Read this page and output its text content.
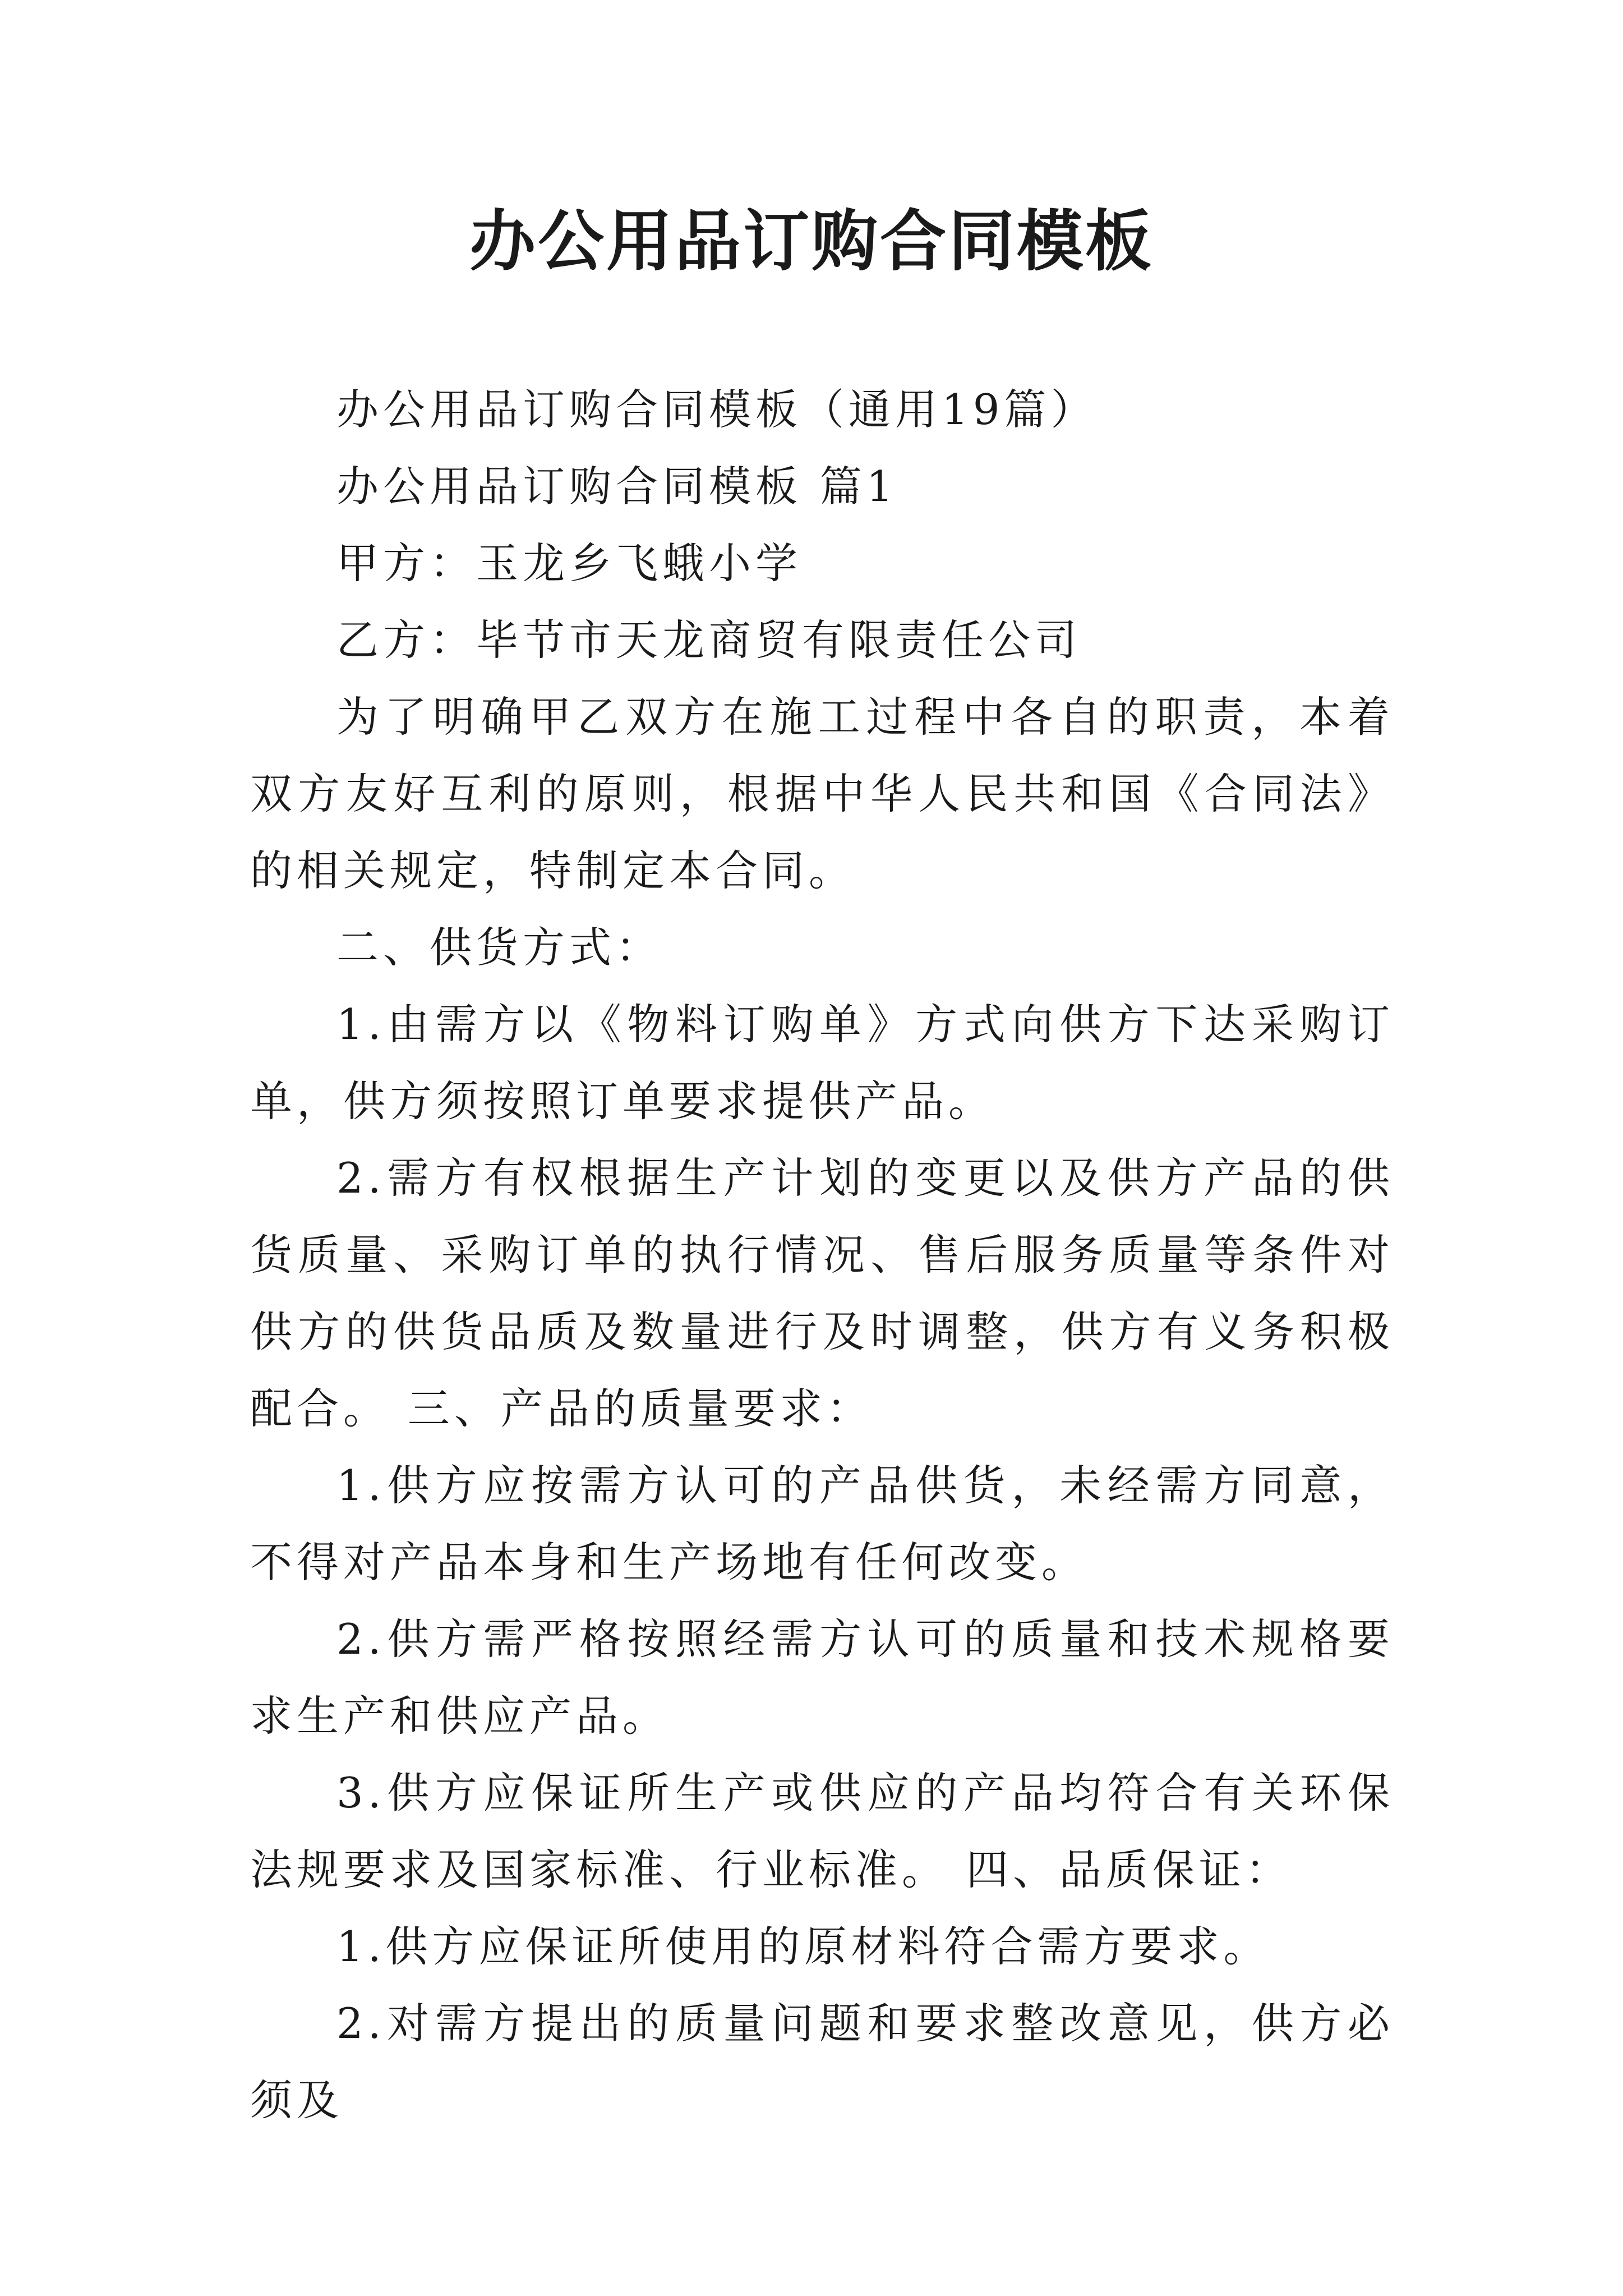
办公用品订购合同模板

办公用品订购合同模板（通用19篇）

办公用品订购合同模板 篇1

甲方：玉龙乡飞蛾小学

乙方：毕节市天龙商贸有限责任公司

为了明确甲乙双方在施工过程中各自的职责，本着双方友好互利的原则，根据中华人民共和国《合同法》的相关规定，特制定本合同。

二、供货方式：

1.由需方以《物料订购单》方式向供方下达采购订单，供方须按照订单要求提供产品。

2.需方有权根据生产计划的变更以及供方产品的供货质量、采购订单的执行情况、售后服务质量等条件对供方的供货品质及数量进行及时调整，供方有义务积极配合。 三、产品的质量要求：

1.供方应按需方认可的产品供货，未经需方同意，不得对产品本身和生产场地有任何改变。

2.供方需严格按照经需方认可的质量和技术规格要求生产和供应产品。

3.供方应保证所生产或供应的产品均符合有关环保法规要求及国家标准、行业标准。 四、品质保证：

1.供方应保证所使用的原材料符合需方要求。

2.对需方提出的质量问题和要求整改意见，供方必须及
